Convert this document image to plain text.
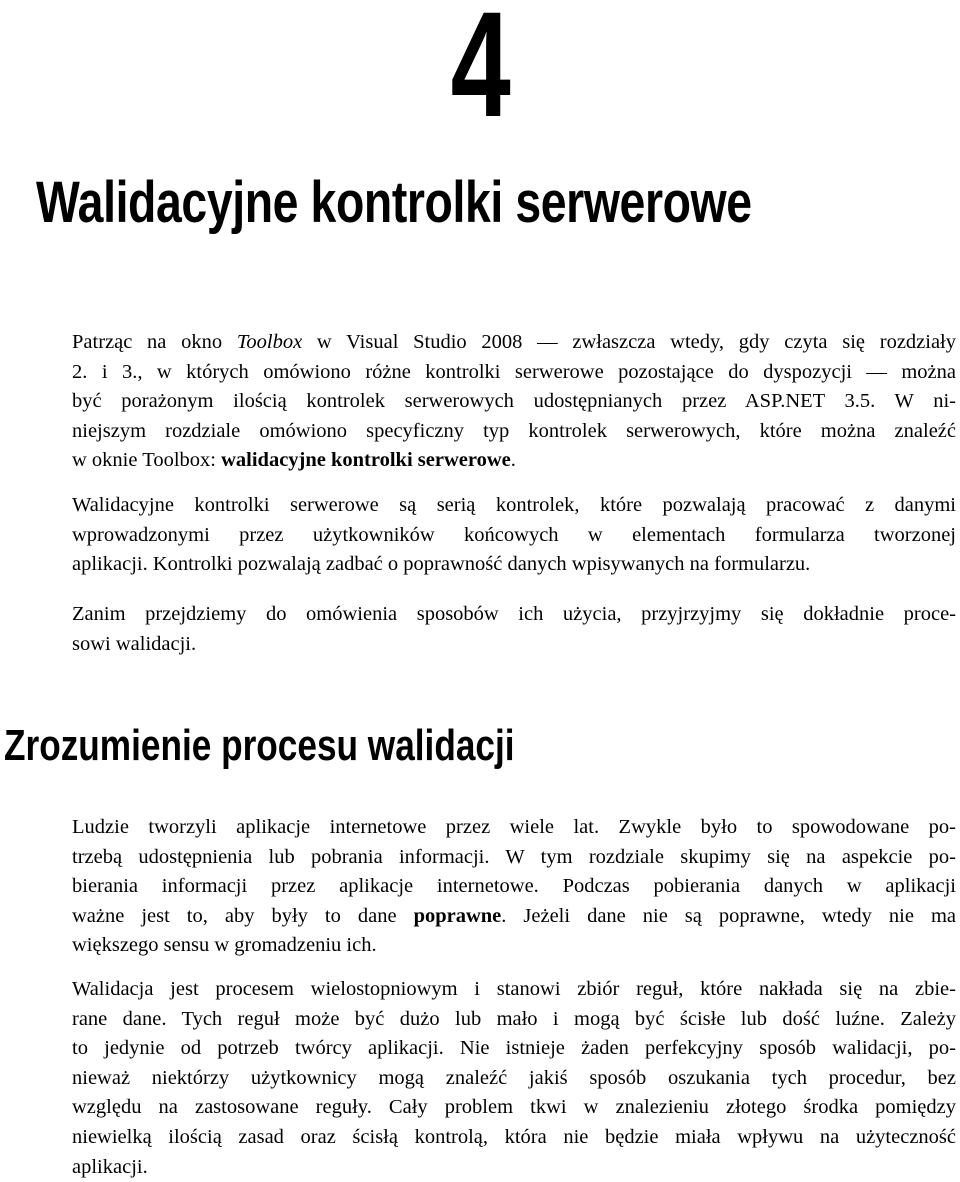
4
Walidacyjne kontrolki serwerowe

Patrząc na okno Toolbox w Visual Studio 2008 — zwłaszcza wtedy, gdy czyta się rozdziały
2. i 3., w których omówiono różne kontrolki serwerowe pozostające do dyspozycji — można
być porażonym ilością kontrolek serwerowych udostępnianych przez ASP.NET 3.5. W ni-
niejszym rozdziale omówiono specyficzny typ kontrolek serwerowych, które można znaleźć
w oknie Toolbox: walidacyjne kontrolki serwerowe.

Walidacyjne kontrolki serwerowe są serią kontrolek, które pozwalają pracować z danymi
wprowadzonymi przez użytkowników końcowych w elementach formularza tworzonej
aplikacji. Kontrolki pozwalają zadbać o poprawność danych wpisywanych na formularzu.

Zanim przejdziemy do omówienia sposobów ich użycia, przyjrzyjmy się dokładnie proce-
sowi walidacji.

Zrozumienie procesu walidacji

Ludzie tworzyli aplikacje internetowe przez wiele lat. Zwykle było to spowodowane po-
trzebą udostępnienia lub pobrania informacji. W tym rozdziale skupimy się na aspekcie po-
bierania informacji przez aplikacje internetowe. Podczas pobierania danych w aplikacji
ważne jest to, aby były to dane poprawne. Jeżeli dane nie są poprawne, wtedy nie ma
większego sensu w gromadzeniu ich.

Walidacja jest procesem wielostopniowym i stanowi zbiór reguł, które nakłada się na zbie-
rane dane. Tych reguł może być dużo lub mało i mogą być ścisłe lub dość luźne. Zależy
to jedynie od potrzeb twórcy aplikacji. Nie istnieje żaden perfekcyjny sposób walidacji, po-
nieważ niektórzy użytkownicy mogą znaleźć jakiś sposób oszukania tych procedur, bez
względu na zastosowane reguły. Cały problem tkwi w znalezieniu złotego środka pomiędzy
niewielką ilością zasad oraz ścisłą kontrolą, która nie będzie miała wpływu na użyteczność
aplikacji.
